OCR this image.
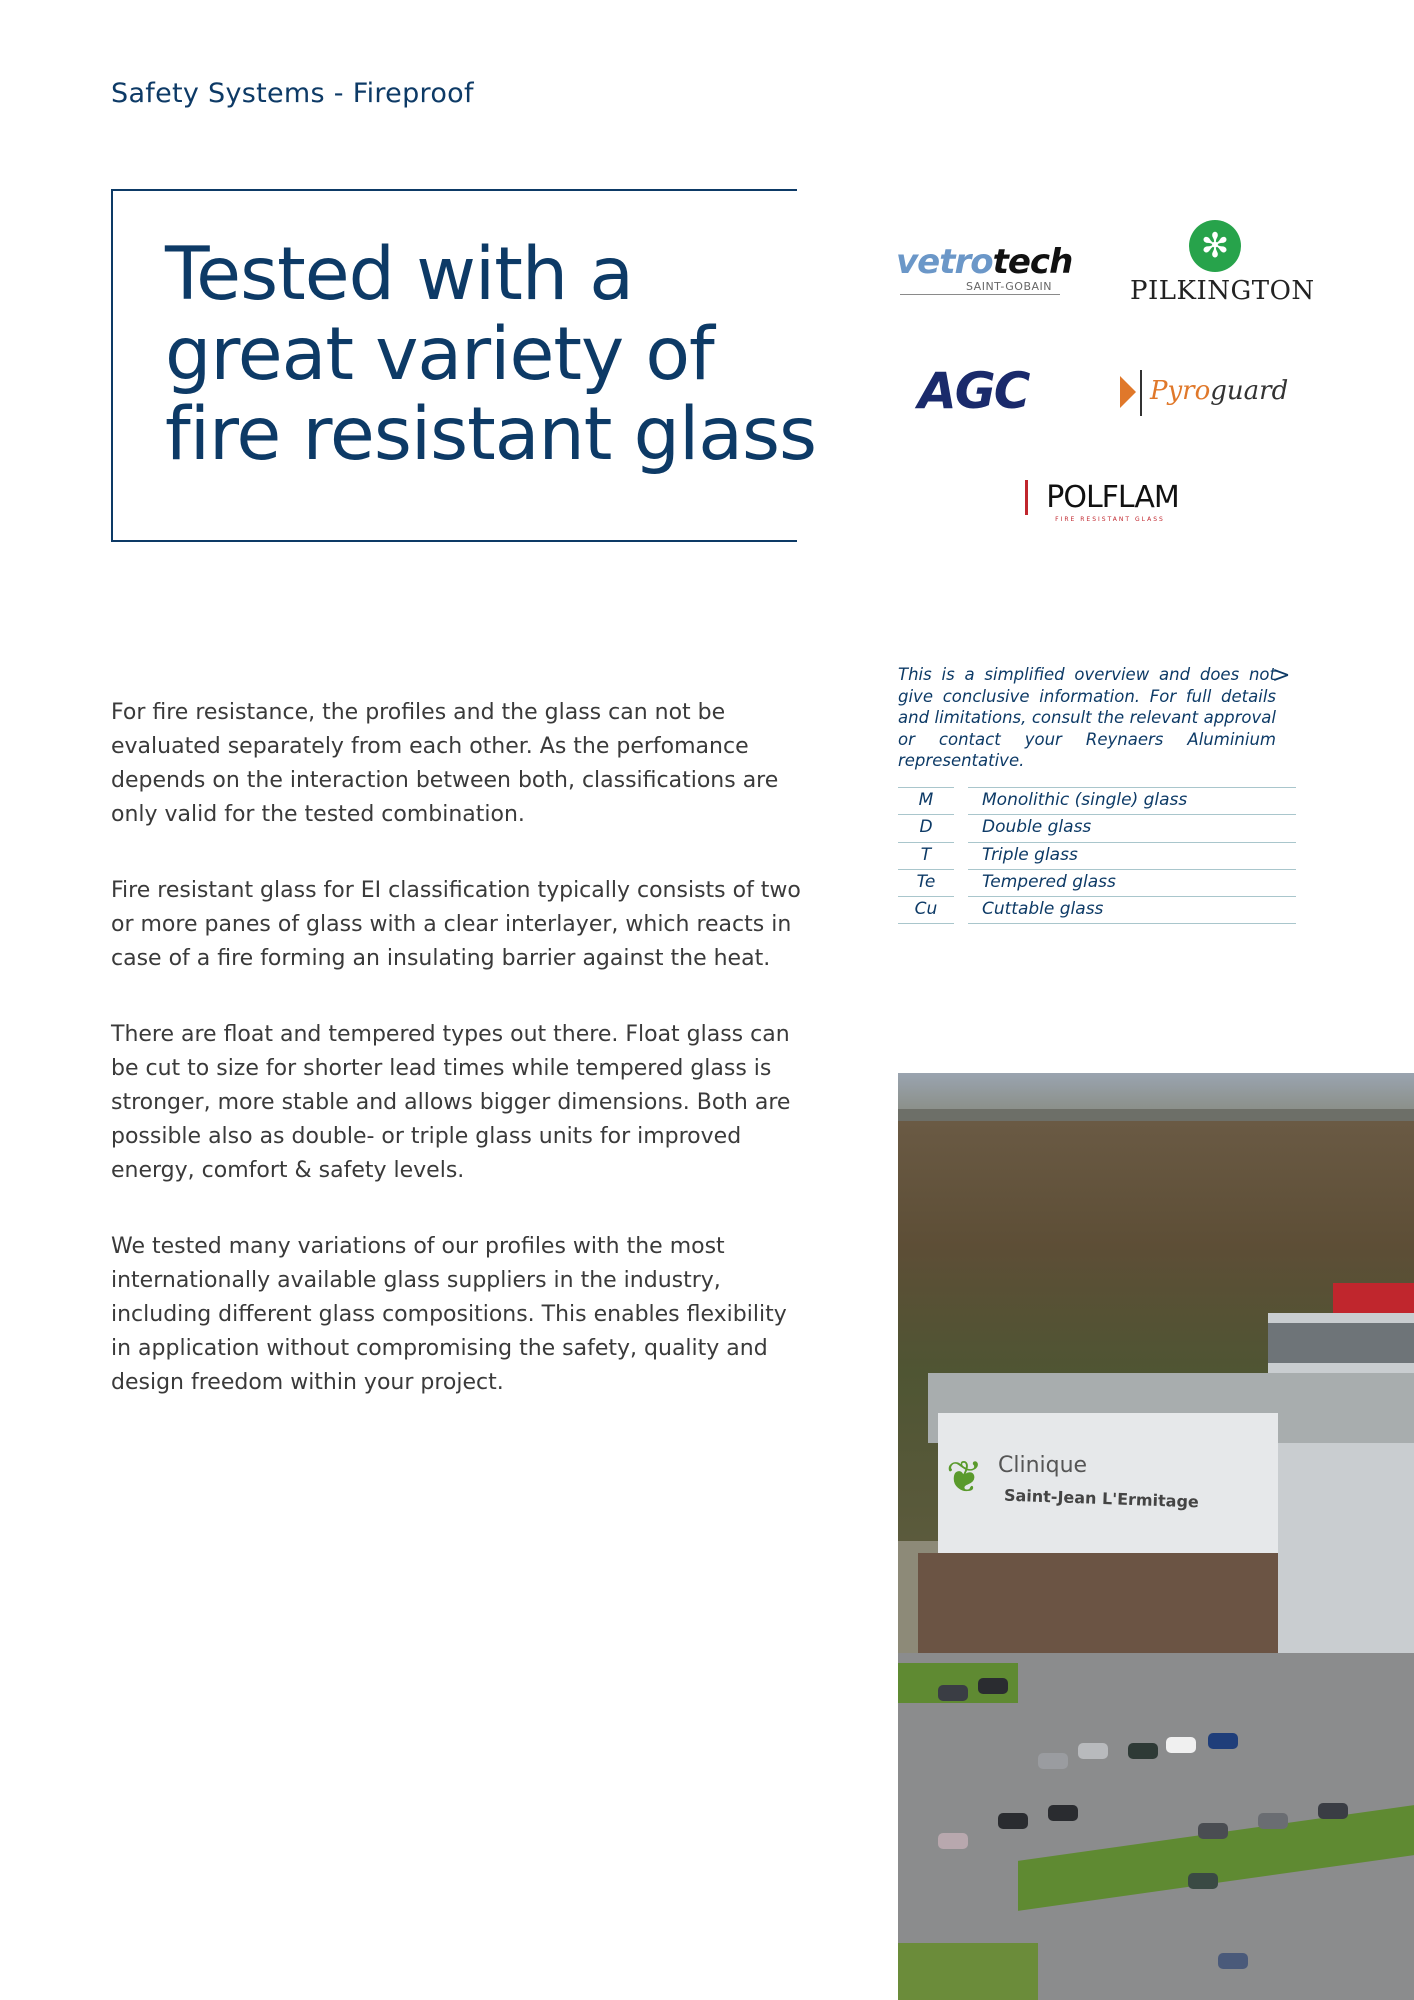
Safety Systems - Fireproof
Tested with a
great variety of
fire resistant glass
vetrotech
SAINT-GOBAIN
✻	PILKINGTON
AGC	Pyroguard
POLFLAM
FIRE RESISTANT GLASS

For fire resistance, the profiles and the glass can not be evaluated separately from each other. As the perfomance depends on the interaction between both, classifications are only valid for the tested combination.

Fire resistant glass for EI classification typically consists of two or more panes of glass with a clear interlayer, which reacts in case of a fire forming an insulating barrier against the heat.

There are float and tempered types out there. Float glass can be cut to size for shorter lead times while tempered glass is stronger, more stable and allows bigger dimensions. Both are possible also as double- or triple glass units for improved energy, comfort & safety levels.

We tested many variations of our profiles with the most internationally available glass suppliers in the industry, including different glass compositions. This enables flexibility in application without compromising the safety, quality and design freedom within your project.

This is a simplified overview and does not give conclusive information. For full details and limitations, consult the relevant approval or contact your Reynaers Aluminium representative.

>
M	Monolithic (single) glass
D	Double glass
T	Triple glass
Te	Tempered glass
Cu	Cuttable glass
❦ Clinique
Saint-Jean L'Ermitage
